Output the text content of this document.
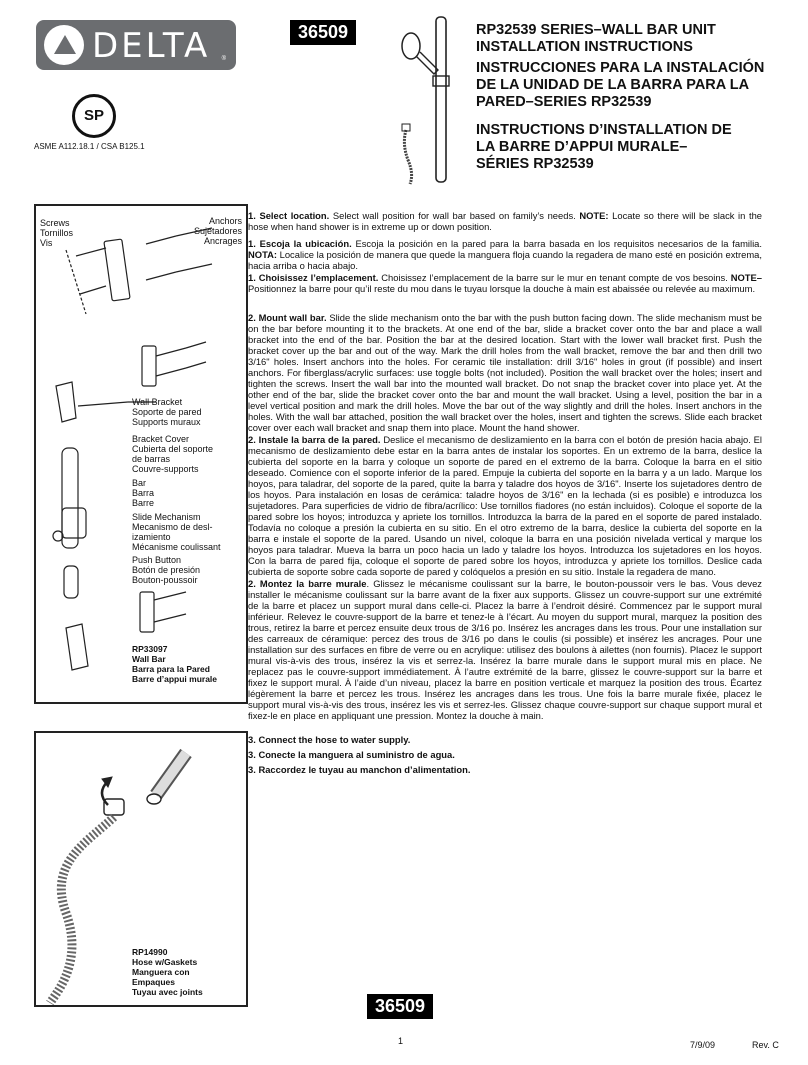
DELTA ®
SP
ASME A112.18.1 / CSA B125.1
36509	RP32539 SERIES–WALL BAR UNIT
INSTALLATION INSTRUCTIONS
INSTRUCCIONES PARA LA INSTALACIÓN
DE LA UNIDAD DE LA BARRA PARA LA
PARED–SERIES RP32539
INSTRUCTIONS D’INSTALLATION DE
LA BARRE D’APPUI MURALE–
SÉRIES RP32539
Screws
Tornillos
Vis
Anchors
Sujetadores
Ancrages
Wall Bracket
Soporte de pared
Supports muraux
Bracket Cover
Cubierta del soporte
de barras
Couvre-supports
Bar
Barra
Barre
Slide Mechanism
Mecanismo de desl-
izamiento
Mécanisme coulissant
Push Button
Botón de presión
Bouton-poussoir
RP33097
Wall Bar
Barra para la Pared
Barre d’appui murale
RP14990
Hose w/Gaskets
Manguera con
Empaques
Tuyau avec joints
1. Select location. Select wall position for wall bar based on family’s needs. NOTE: Locate so there will be slack in the hose when hand shower is in extreme up or down position.
1. Escoja la ubicación. Escoja la posición en la pared para la barra basada en los requisitos necesarios de la familia. NOTA: Localice la posición de manera que quede la manguera floja cuando la regadera de mano esté en posición extrema, hacia arriba o hacia abajo.
1. Choisissez l’emplacement. Choisissez l’emplacement de la barre sur le mur en tenant compte de vos besoins. NOTE– Positionnez la barre pour qu’il reste du mou dans le tuyau lorsque la douche à main est abaissée ou relevée au maximum.
2. Mount wall bar. Slide the slide mechanism onto the bar with the push button facing down. The slide mechanism must be on the bar before mounting it to the brackets. At one end of the bar, slide a bracket cover onto the bar and place a wall bracket into the end of the bar. Position the bar at the desired location. Start with the lower wall bracket first. Push the bracket cover up the bar and out of the way. Mark the drill holes from the wall bracket, remove the bar and then drill two 3/16" holes. Insert anchors into the holes. For ceramic tile installation: drill 3/16" holes in grout (if possible) and insert anchors. For fiberglass/acrylic surfaces: use toggle bolts (not included). Position the wall bracket over the holes; insert and tighten the screws. Insert the wall bar into the mounted wall bracket. Do not snap the bracket cover into place yet. At the other end of the bar, slide the bracket cover onto the bar and mount the wall bracket. Using a level, position the bar in a level vertical position and mark the drill holes. Move the bar out of the way slightly and drill the holes. Insert anchors in the holes. With the wall bar attached, position the wall bracket over the holes, insert and tighten the screws. Slide each bracket cover over each wall bracket and snap them into place. Mount the hand shower.
2. Instale la barra de la pared. Deslice el mecanismo de deslizamiento en la barra con el botón de presión hacia abajo. El mecanismo de deslizamiento debe estar en la barra antes de instalar los soportes. En un extremo de la barra, deslice la cubierta del soporte en la barra y coloque un soporte de pared en el extremo de la barra. Coloque la barra en el sitio deseado. Comience con el soporte inferior de la pared. Empuje la cubierta del soporte en la barra y a un lado. Marque los hoyos, para taladrar, del soporte de la pared, quite la barra y taladre dos hoyos de 3/16". Inserte los sujetadores dentro de los hoyos. Para instalación en losas de cerámica: taladre hoyos de 3/16" en la lechada (si es posible) e introduzca los sujetadores. Para superficies de vidrio de fibra/acrílico: Use tornillos fiadores (no están incluidos). Coloque el soporte de la pared sobre los hoyos; introduzca y apriete los tornillos. Introduzca la barra de la pared en el soporte de pared instalado. Todavía no coloque a presión la cubierta en su sitio. En el otro extremo de la barra, deslice la cubierta del soporte en la barra e instale el soporte de la pared. Usando un nivel, coloque la barra en una posición nivelada vertical y marque los hoyos para taladrar. Mueva la barra un poco hacia un lado y taladre los hoyos. Introduzca los sujetadores en los hoyos. Con la barra de pared fija, coloque el soporte de pared sobre los hoyos, introduzca y apriete los tornillos. Deslice cada cubierta de soporte sobre cada soporte de pared y colóquelos a presión en su sitio. Instale la regadera de mano.
2. Montez la barre murale. Glissez le mécanisme coulissant sur la barre, le bouton-poussoir vers le bas. Vous devez installer le mécanisme coulissant sur la barre avant de la fixer aux supports. Glissez un couvre-support sur une extrémité de la barre et placez un support mural dans celle-ci. Placez la barre à l’endroit désiré. Commencez par le support mural inférieur. Relevez le couvre-support de la barre et tenez-le à l’écart. Au moyen du support mural, marquez la position des trous, retirez la barre et percez ensuite deux trous de 3/16 po. Insérez les ancrages dans les trous. Pour une installation sur des carreaux de céramique: percez des trous de 3/16 po dans le coulis (si possible) et insérez les ancrages. Pour une installation sur des surfaces en fibre de verre ou en acrylique: utilisez des boulons à ailettes (non fournis). Placez le support mural vis-à-vis des trous, insérez la vis et serrez-la. Insérez la barre murale dans le support mural mis en place. Ne replacez pas le couvre-support immédiatement. À l’autre extrémité de la barre, glissez le couvre-support sur la barre et fixez le support mural. À l’aide d’un niveau, placez la barre en position verticale et marquez la position des trous. Écartez légèrement la barre et percez les trous. Insérez les ancrages dans les trous. Une fois la barre murale fixée, placez le support mural vis-à-vis des trous, insérez les vis et serrez-les. Glissez chaque couvre-support sur chaque support mural et fixez-le en place en appliquant une pression. Montez la douche à main.
3. Connect the hose to water supply.
3. Conecte la manguera al suministro de agua.
3. Raccordez le tuyau au manchon d’alimentation.
36509
1	7/9/09	Rev. C
